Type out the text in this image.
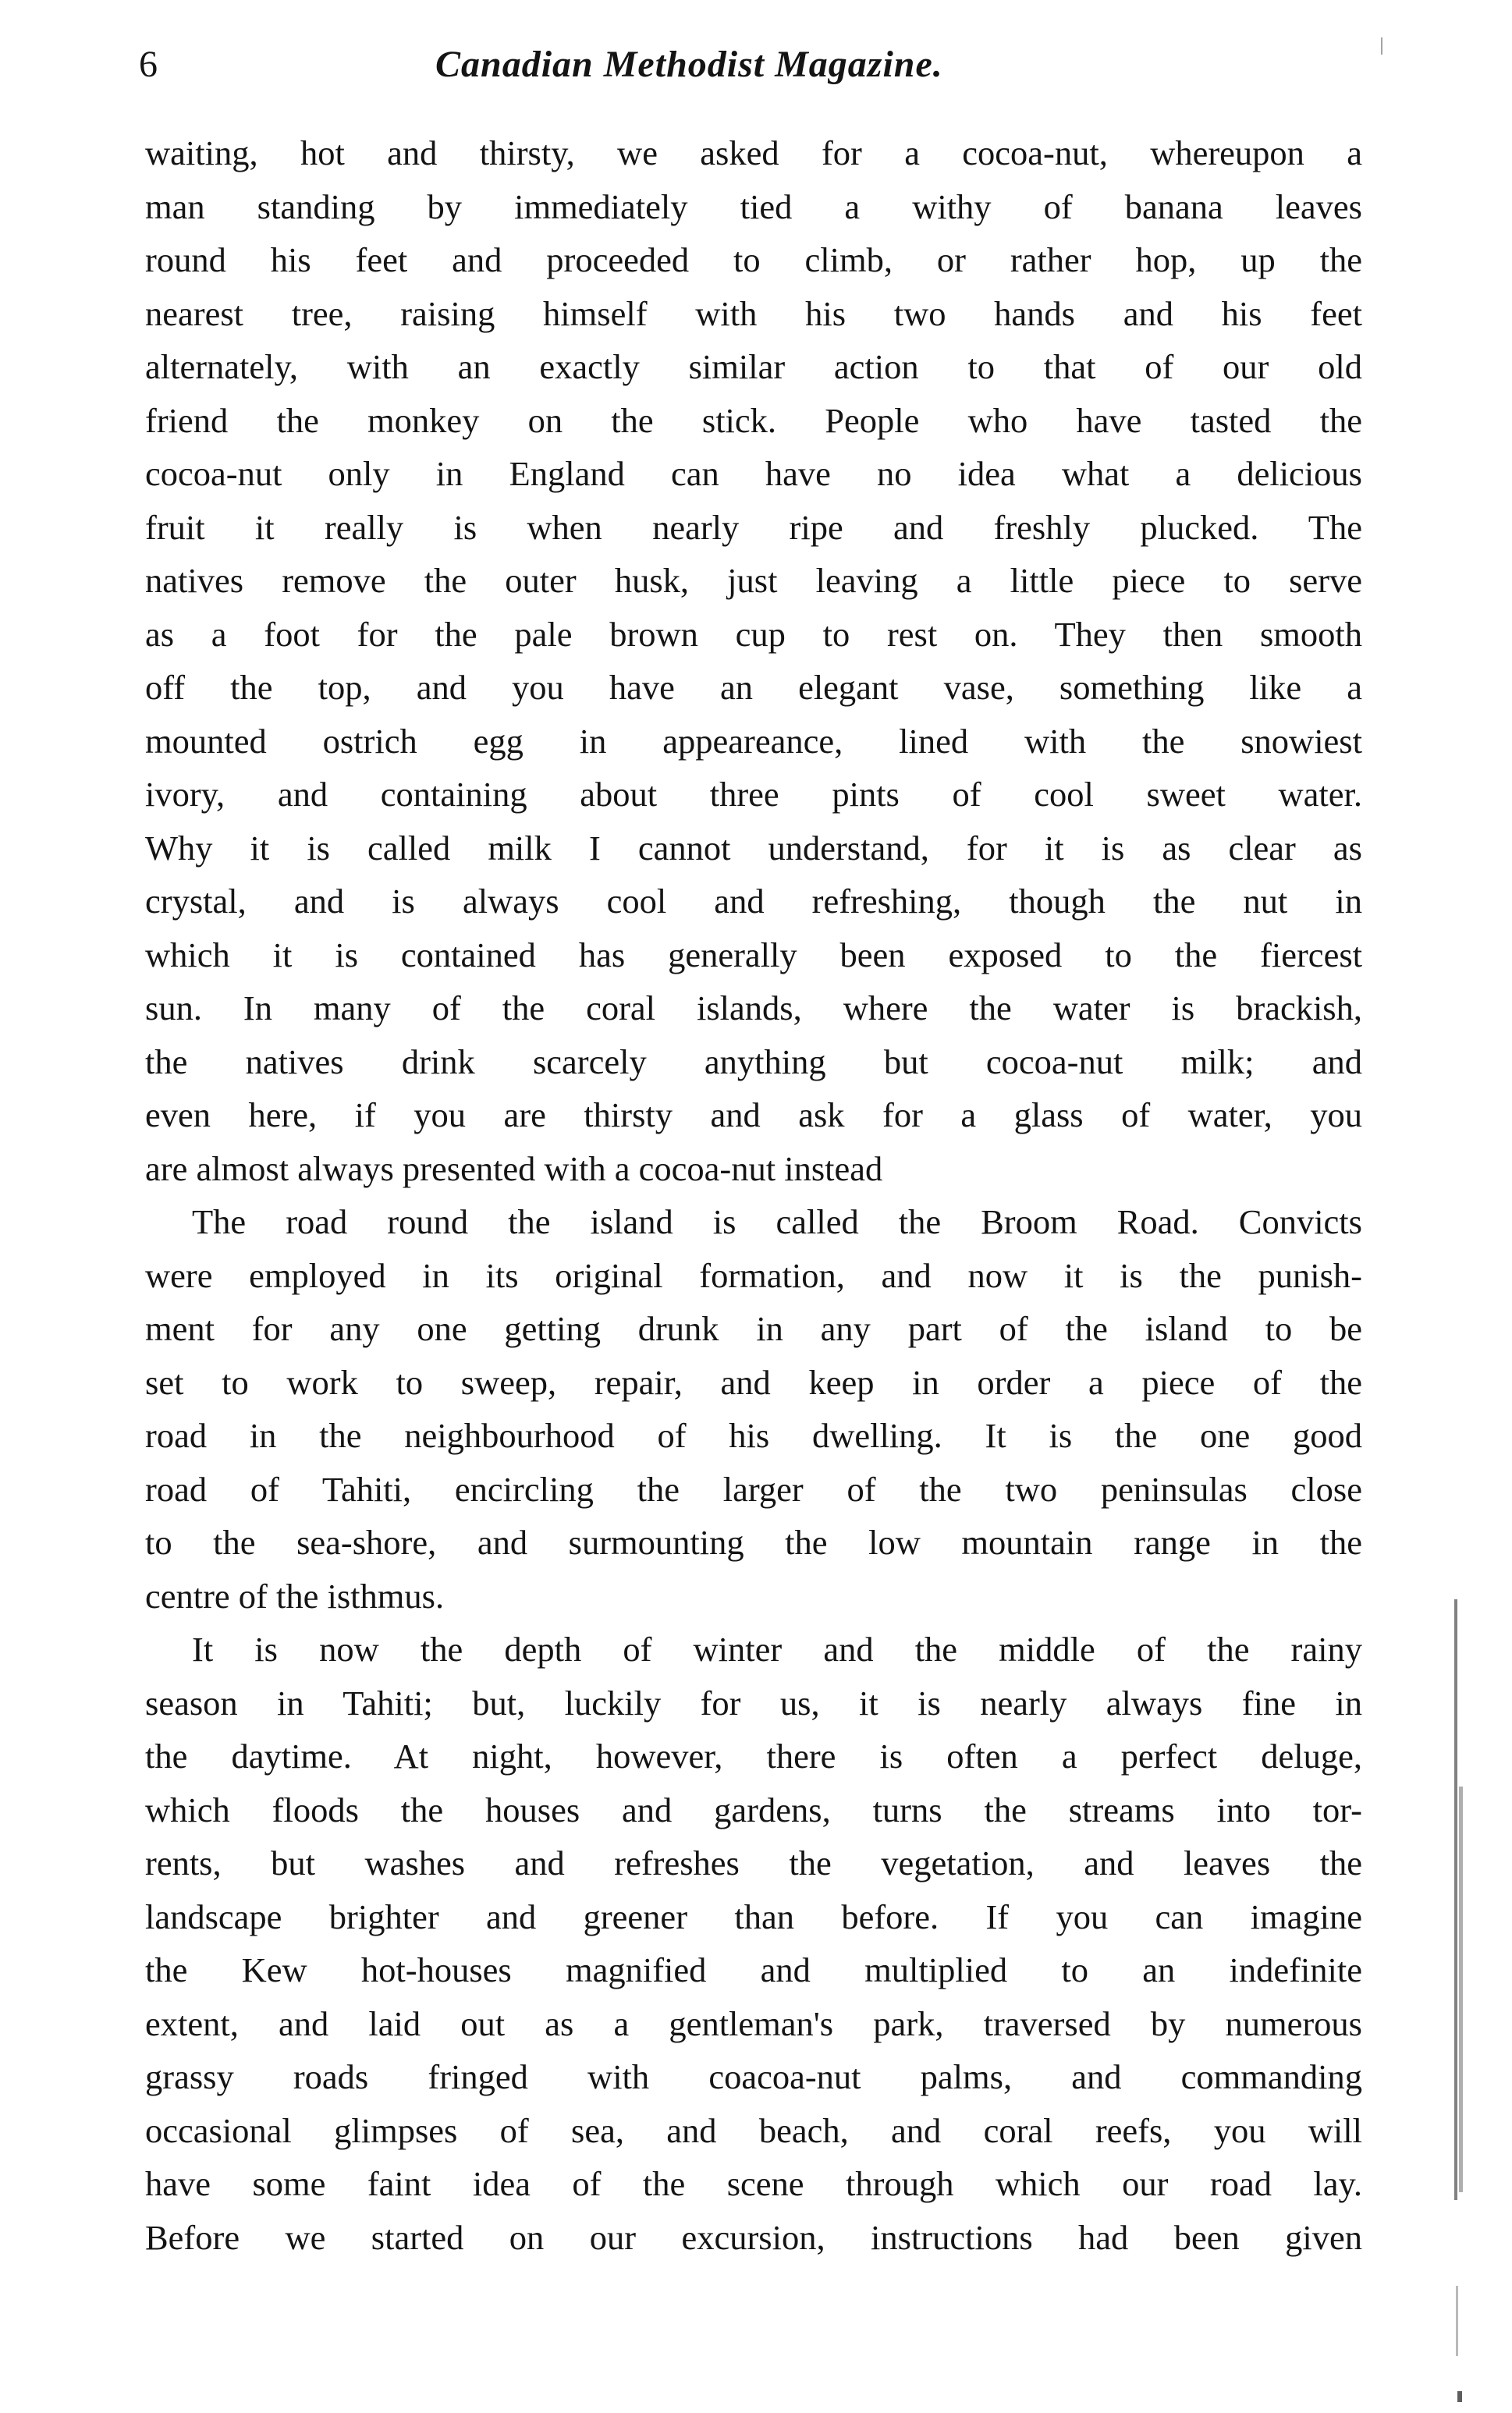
6	Canadian Methodist Magazine.
waiting, hot and thirsty, we asked for a cocoa-nut, whereupon a
man standing by immediately tied a withy of banana leaves
round his feet and proceeded to climb, or rather hop, up the
nearest tree, raising himself with his two hands and his feet
alternately, with an exactly similar action to that of our old
friend the monkey on the stick. People who have tasted the
cocoa-nut only in England can have no idea what a delicious
fruit it really is when nearly ripe and freshly plucked. The
natives remove the outer husk, just leaving a little piece to serve
as a foot for the pale brown cup to rest on. They then smooth
off the top, and you have an elegant vase, something like a
mounted ostrich egg in appeareance, lined with the snowiest
ivory, and containing about three pints of cool sweet water.
Why it is called milk I cannot understand, for it is as clear as
crystal, and is always cool and refreshing, though the nut in
which it is contained has generally been exposed to the fiercest
sun. In many of the coral islands, where the water is brackish,
the natives drink scarcely anything but cocoa-nut milk; and
even here, if you are thirsty and ask for a glass of water, you
are almost always presented with a cocoa-nut instead
The road round the island is called the Broom Road. Convicts
were employed in its original formation, and now it is the punish-
ment for any one getting drunk in any part of the island to be
set to work to sweep, repair, and keep in order a piece of the
road in the neighbourhood of his dwelling. It is the one good
road of Tahiti, encircling the larger of the two peninsulas close
to the sea-shore, and surmounting the low mountain range in the
centre of the isthmus.
It is now the depth of winter and the middle of the rainy
season in Tahiti; but, luckily for us, it is nearly always fine in
the daytime. At night, however, there is often a perfect deluge,
which floods the houses and gardens, turns the streams into tor-
rents, but washes and refreshes the vegetation, and leaves the
landscape brighter and greener than before. If you can imagine
the Kew hot-houses magnified and multiplied to an indefinite
extent, and laid out as a gentleman's park, traversed by numerous
grassy roads fringed with coacoa-nut palms, and commanding
occasional glimpses of sea, and beach, and coral reefs, you will
have some faint idea of the scene through which our road lay.
Before we started on our excursion, instructions had been given
